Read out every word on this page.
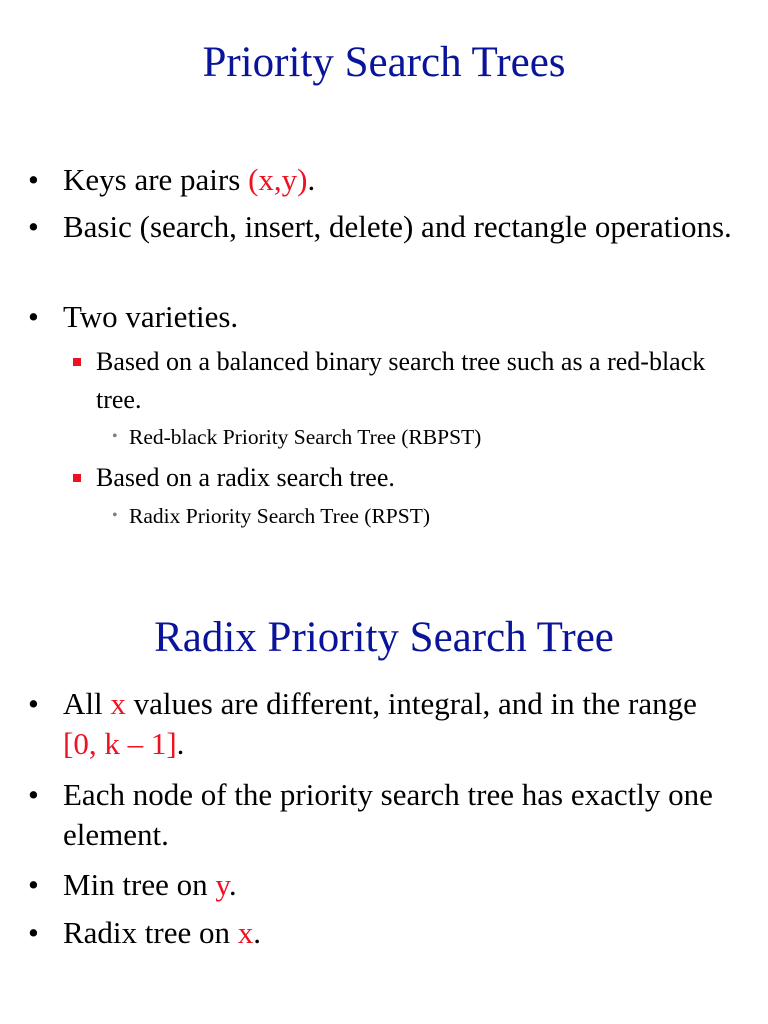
Priority Search Trees
• Keys are pairs (x,y).
• Basic (search, insert, delete) and rectangle operations.
• Two varieties.
Based on a balanced binary search tree such as a red-black tree.
• Red-black Priority Search Tree (RBPST)
Based on a radix search tree.
• Radix Priority Search Tree (RPST)
Radix Priority Search Tree
• All x values are different, integral, and in the range [0, k – 1].
• Each node of the priority search tree has exactly one element.
• Min tree on y.
• Radix tree on x.
